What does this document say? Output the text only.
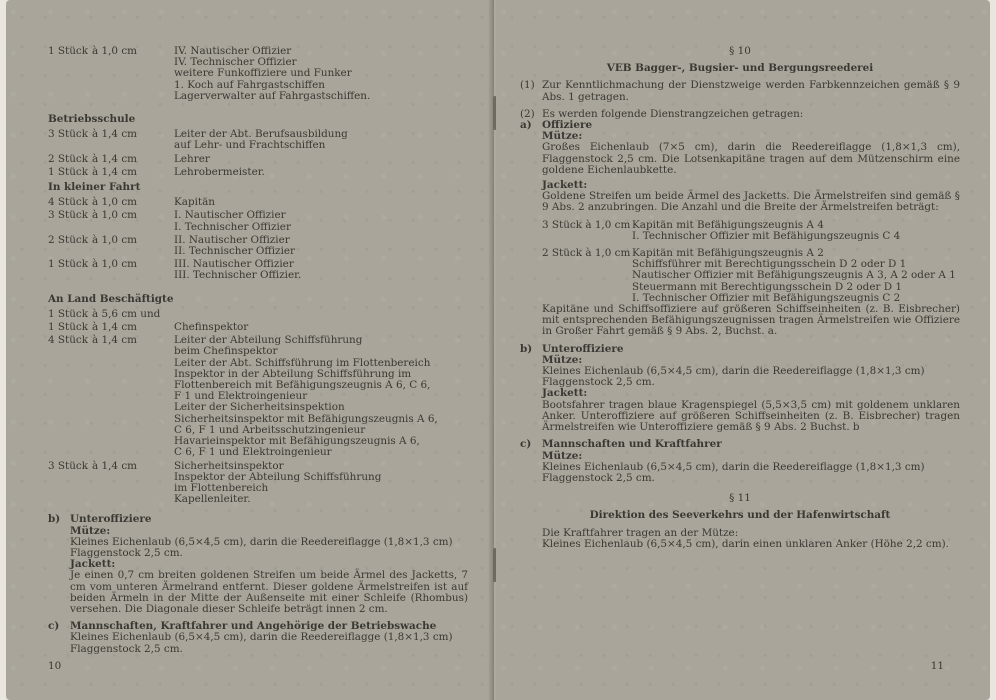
1 Stück à 1,0 cm	IV. Nautischer Offizier
IV. Technischer Offizier
weitere Funkoffiziere und Funker
1. Koch auf Fahrgastschiffen
Lagerverwalter auf Fahrgastschiffen.
Betriebsschule
3 Stück à 1,4 cm	Leiter der Abt. Berufsausbildung
auf Lehr- und Frachtschiffen
2 Stück à 1,4 cm	Lehrer
1 Stück à 1,4 cm	Lehrobermeister.
In kleiner Fahrt
4 Stück à 1,0 cm	Kapitän
3 Stück à 1,0 cm	I. Nautischer Offizier
I. Technischer Offizier
2 Stück à 1,0 cm	II. Nautischer Offizier
II. Technischer Offizier
1 Stück à 1,0 cm	III. Nautischer Offizier
III. Technischer Offizier.
An Land Beschäftigte
1 Stück à 5,6 cm und
1 Stück à 1,4 cm	Chefinspektor
4 Stück à 1,4 cm	Leiter der Abteilung Schiffsführung
beim Chefinspektor
Leiter der Abt. Schiffsführung im Flottenbereich
Inspektor in der Abteilung Schiffsführung im
Flottenbereich mit Befähigungszeugnis A 6, C 6,
F 1 und Elektroingenieur
Leiter der Sicherheitsinspektion
Sicherheitsinspektor mit Befähigungszeugnis A 6,
C 6, F 1 und Arbeitsschutzingenieur
Havarieinspektor mit Befähigungszeugnis A 6,
C 6, F 1 und Elektroingenieur
3 Stück à 1,4 cm	Sicherheitsinspektor
Inspektor der Abteilung Schiffsführung
im Flottenbereich
Kapellenleiter.
b) Unteroffiziere
Mütze:
Kleines Eichenlaub (6,5×4,5 cm), darin die Reedereiflagge (1,8×1,3 cm) Flaggenstock 2,5 cm.
Jackett:
Je einen 0,7 cm breiten goldenen Streifen um beide Ärmel des Jacketts, 7 cm vom unteren Ärmelrand entfernt. Dieser goldene Ärmelstreifen ist auf beiden Ärmeln in der Mitte der Außenseite mit einer Schleife (Rhombus) versehen. Die Diagonale dieser Schleife beträgt innen 2 cm.
c) Mannschaften, Kraftfahrer und Angehörige der Betriebswache
Kleines Eichenlaub (6,5×4,5 cm), darin die Reedereiflagge (1,8×1,3 cm) Flaggenstock 2,5 cm.
10
§ 10
VEB Bagger-, Bugsier- und Bergungsreederei
(1) Zur Kenntlichmachung der Dienstzweige werden Farbkennzeichen gemäß § 9 Abs. 1 getragen.
(2) Es werden folgende Dienstrangzeichen getragen:
a) Offiziere
Mütze:
Großes Eichenlaub (7×5 cm), darin die Reedereiflagge (1,8×1,3 cm), Flaggenstock 2,5 cm. Die Lotsenkapitäne tragen auf dem Mützenschirm eine goldene Eichenlaubkette.
Jackett:
Goldene Streifen um beide Ärmel des Jacketts. Die Ärmelstreifen sind gemäß § 9 Abs. 2 anzubringen. Die Anzahl und die Breite der Ärmelstreifen beträgt:
3 Stück à 1,0 cm Kapitän mit Befähigungszeugnis A 4
I. Technischer Offizier mit Befähigungszeugnis C 4
2 Stück à 1,0 cm Kapitän mit Befähigungszeugnis A 2
Schiffsführer mit Berechtigungsschein D 2 oder D 1
Nautischer Offizier mit Befähigungszeugnis A 3, A 2 oder A 1
Steuermann mit Berechtigungsschein D 2 oder D 1
I. Technischer Offizier mit Befähigungszeugnis C 2
Kapitäne und Schiffsoffiziere auf größeren Schiffseinheiten (z. B. Eisbrecher) mit entsprechenden Befähigungszeugnissen tragen Ärmelstreifen wie Offiziere in Großer Fahrt gemäß § 9 Abs. 2, Buchst. a.
b) Unteroffiziere
Mütze:
Kleines Eichenlaub (6,5×4,5 cm), darin die Reedereiflagge (1,8×1,3 cm) Flaggenstock 2,5 cm.
Jackett:
Bootsfahrer tragen blaue Kragenspiegel (5,5×3,5 cm) mit goldenem unklaren Anker. Unteroffiziere auf größeren Schiffseinheiten (z. B. Eisbrecher) tragen Ärmelstreifen wie Unteroffiziere gemäß § 9 Abs. 2 Buchst. b
c) Mannschaften und Kraftfahrer
Mütze:
Kleines Eichenlaub (6,5×4,5 cm), darin die Reedereiflagge (1,8×1,3 cm) Flaggenstock 2,5 cm.
§ 11
Direktion des Seeverkehrs und der Hafenwirtschaft
Die Kraftfahrer tragen an der Mütze:
Kleines Eichenlaub (6,5×4,5 cm), darin einen unklaren Anker (Höhe 2,2 cm).
11
